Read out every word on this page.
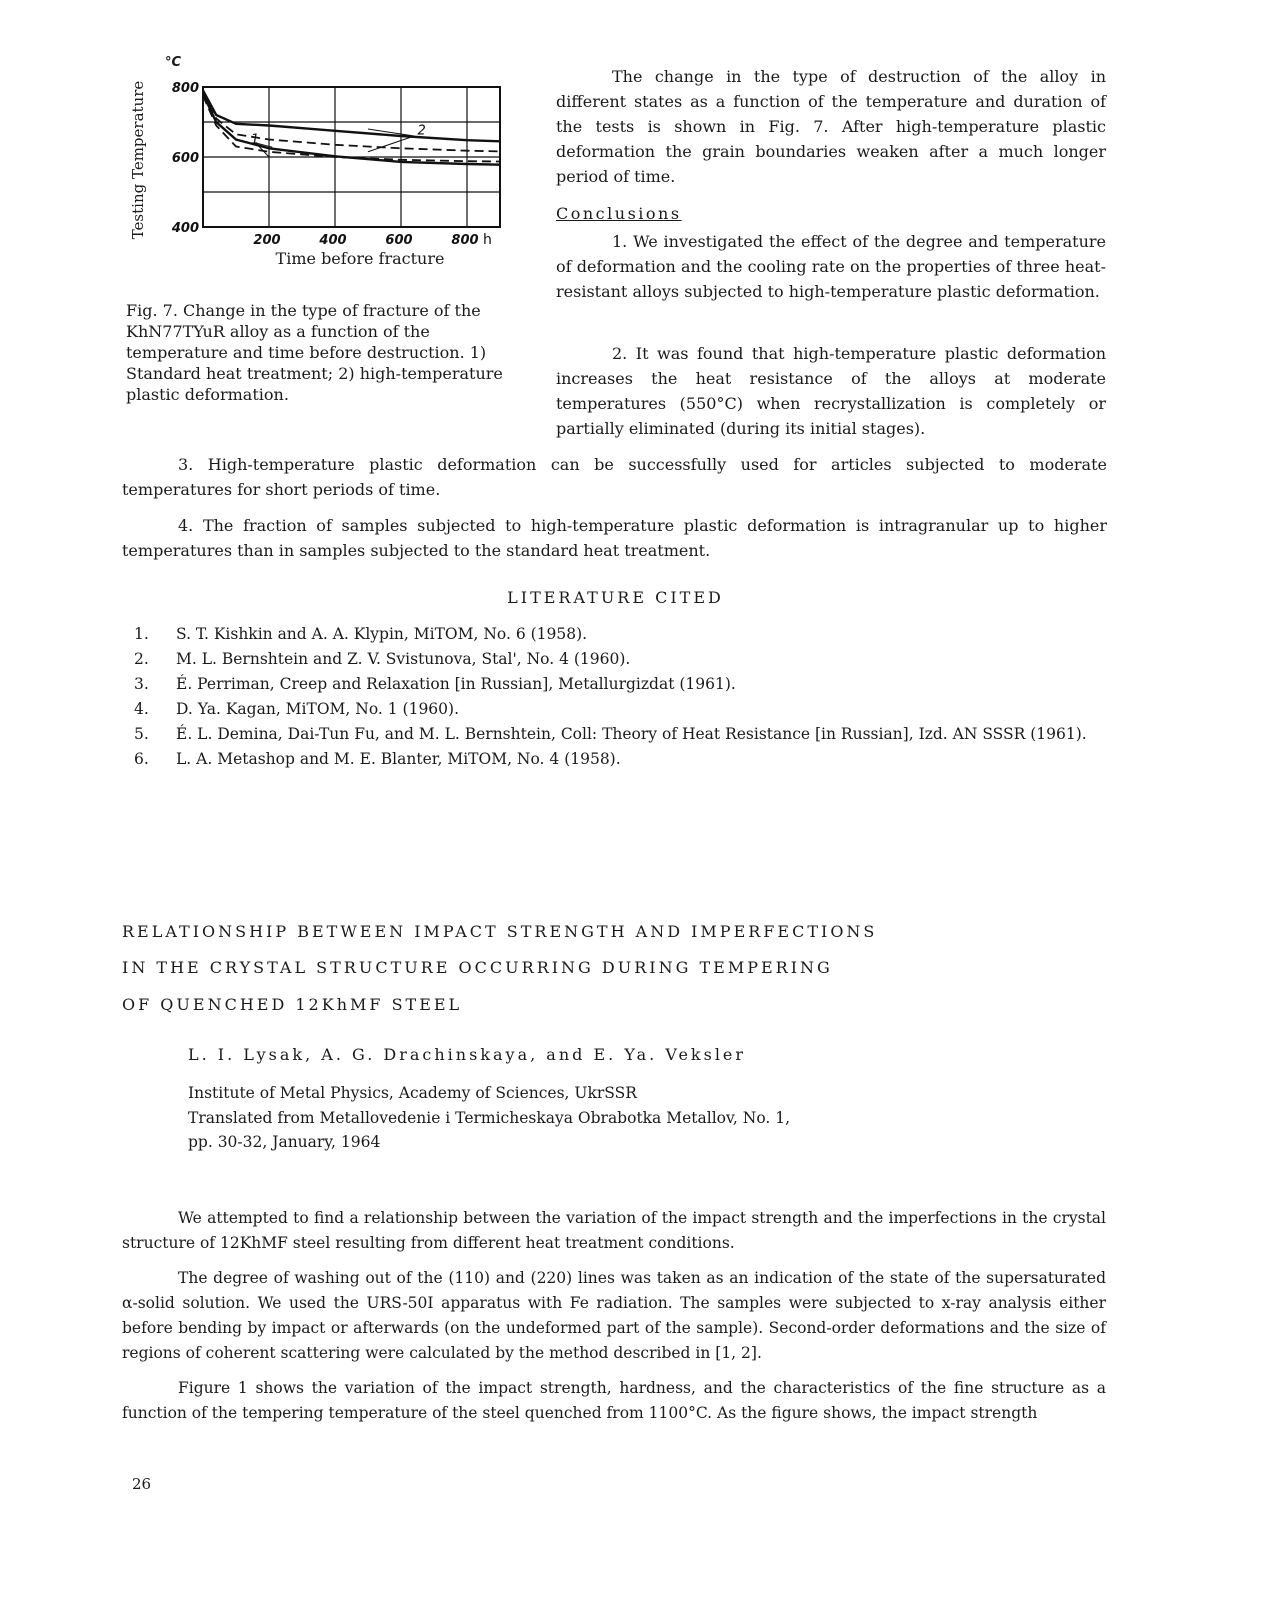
Testing Temperature
°C
400
600
800
200	400	600	800 h
2
1
Time before fracture
Fig. 7. Change in the type of fracture of the KhN77TYuR alloy as a function of the temperature and time before destruction. 1) Standard heat treatment; 2) high-temperature plastic deformation.
The change in the type of destruction of the alloy in different states as a function of the temperature and duration of the tests is shown in Fig. 7. After high-temperature plastic deformation the grain boundaries weaken after a much longer period of time.
Conclusions
1. We investigated the effect of the degree and temperature of deformation and the cooling rate on the properties of three heat-resistant alloys subjected to high-temperature plastic deformation.
2. It was found that high-temperature plastic deformation increases the heat resistance of the alloys at moderate temperatures (550°C) when recrystallization is completely or partially eliminated (during its initial stages).
3. High-temperature plastic deformation can be successfully used for articles subjected to moderate temperatures for short periods of time.
4. The fraction of samples subjected to high-temperature plastic deformation is intragranular up to higher temperatures than in samples subjected to the standard heat treatment.
LITERATURE CITED
1.	S. T. Kishkin and A. A. Klypin, MiTOM, No. 6 (1958).
2.	M. L. Bernshtein and Z. V. Svistunova, Stal', No. 4 (1960).
3.	É. Perriman, Creep and Relaxation [in Russian], Metallurgizdat (1961).
4.	D. Ya. Kagan, MiTOM, No. 1 (1960).
5.	É. L. Demina, Dai-Tun Fu, and M. L. Bernshtein, Coll: Theory of Heat Resistance [in Russian], Izd. AN SSSR (1961).
6.	L. A. Metashop and M. E. Blanter, MiTOM, No. 4 (1958).
RELATIONSHIP BETWEEN IMPACT STRENGTH AND IMPERFECTIONS
IN THE CRYSTAL STRUCTURE OCCURRING DURING TEMPERING
OF QUENCHED 12KhMF STEEL
L. I. Lysak, A. G. Drachinskaya, and E. Ya. Veksler
Institute of Metal Physics, Academy of Sciences, UkrSSR
Translated from Metallovedenie i Termicheskaya Obrabotka Metallov, No. 1,
pp. 30-32, January, 1964
We attempted to find a relationship between the variation of the impact strength and the imperfections in the crystal structure of 12KhMF steel resulting from different heat treatment conditions.
The degree of washing out of the (110) and (220) lines was taken as an indication of the state of the supersaturated α-solid solution. We used the URS-50I apparatus with Fe radiation. The samples were subjected to x-ray analysis either before bending by impact or afterwards (on the undeformed part of the sample). Second-order deformations and the size of regions of coherent scattering were calculated by the method described in [1, 2].
Figure 1 shows the variation of the impact strength, hardness, and the characteristics of the fine structure as a function of the tempering temperature of the steel quenched from 1100°C. As the figure shows, the impact strength
26
